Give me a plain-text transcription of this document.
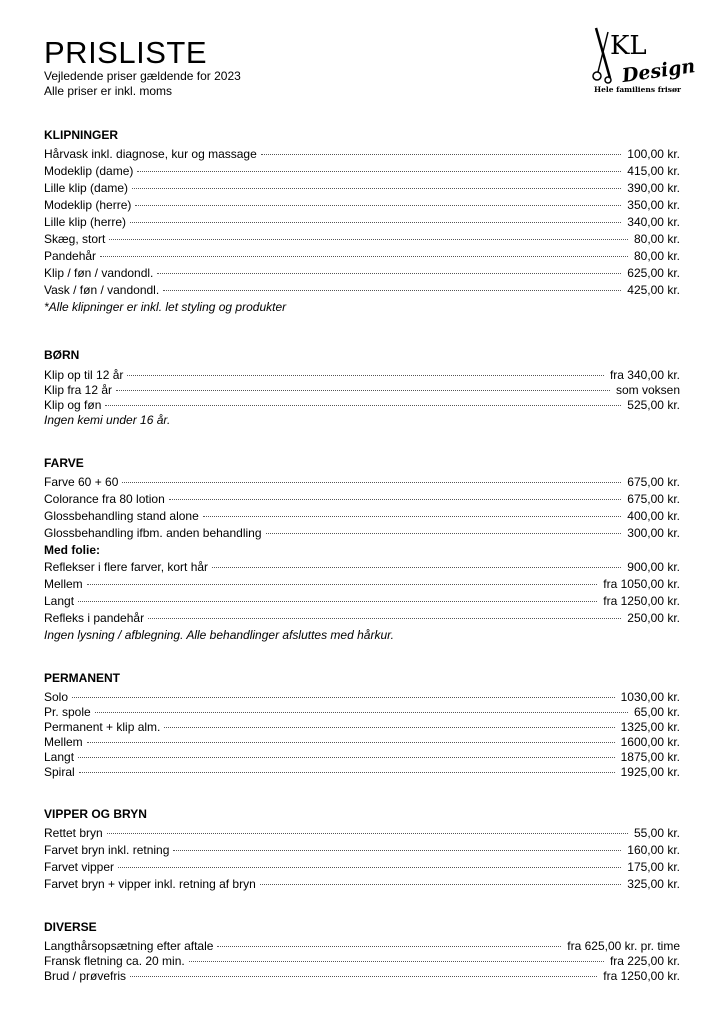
PRISLISTE
Vejledende priser gældende for 2023
Alle priser er inkl. moms
KL
Design
Hele familiens frisør
KLIPNINGER
Hårvask inkl. diagnose, kur og massage	100,00 kr.
Modeklip (dame)	415,00 kr.
Lille klip (dame)	390,00 kr.
Modeklip (herre)	350,00 kr.
Lille klip (herre)	340,00 kr.
Skæg, stort	80,00 kr.
Pandehår	80,00 kr.
Klip / føn / vandondl.	625,00 kr.
Vask / føn / vandondl.	425,00 kr.
*Alle klipninger er inkl. let styling og produkter
BØRN
Klip op til 12 år	fra 340,00 kr.
Klip fra 12 år	som voksen
Klip og føn	525,00 kr.
Ingen kemi under 16 år.
FARVE
Farve 60 + 60	675,00 kr.
Colorance fra 80 lotion	675,00 kr.
Glossbehandling stand alone	400,00 kr.
Glossbehandling ifbm. anden behandling	300,00 kr.
Med folie:
Reflekser i flere farver, kort hår	900,00 kr.
Mellem	fra 1050,00 kr.
Langt	fra 1250,00 kr.
Refleks i pandehår	250,00 kr.
Ingen lysning / afblegning. Alle behandlinger afsluttes med hårkur.
PERMANENT
Solo	1030,00 kr.
Pr. spole	65,00 kr.
Permanent + klip alm.	1325,00 kr.
Mellem	1600,00 kr.
Langt	1875,00 kr.
Spiral	1925,00 kr.
VIPPER OG BRYN
Rettet bryn	55,00 kr.
Farvet bryn inkl. retning	160,00 kr.
Farvet vipper	175,00 kr.
Farvet bryn + vipper inkl. retning af bryn	325,00 kr.
DIVERSE
Langthårsopsætning efter aftale	fra 625,00 kr. pr. time
Fransk fletning ca. 20 min.	fra 225,00 kr.
Brud / prøvefris	fra 1250,00 kr.
